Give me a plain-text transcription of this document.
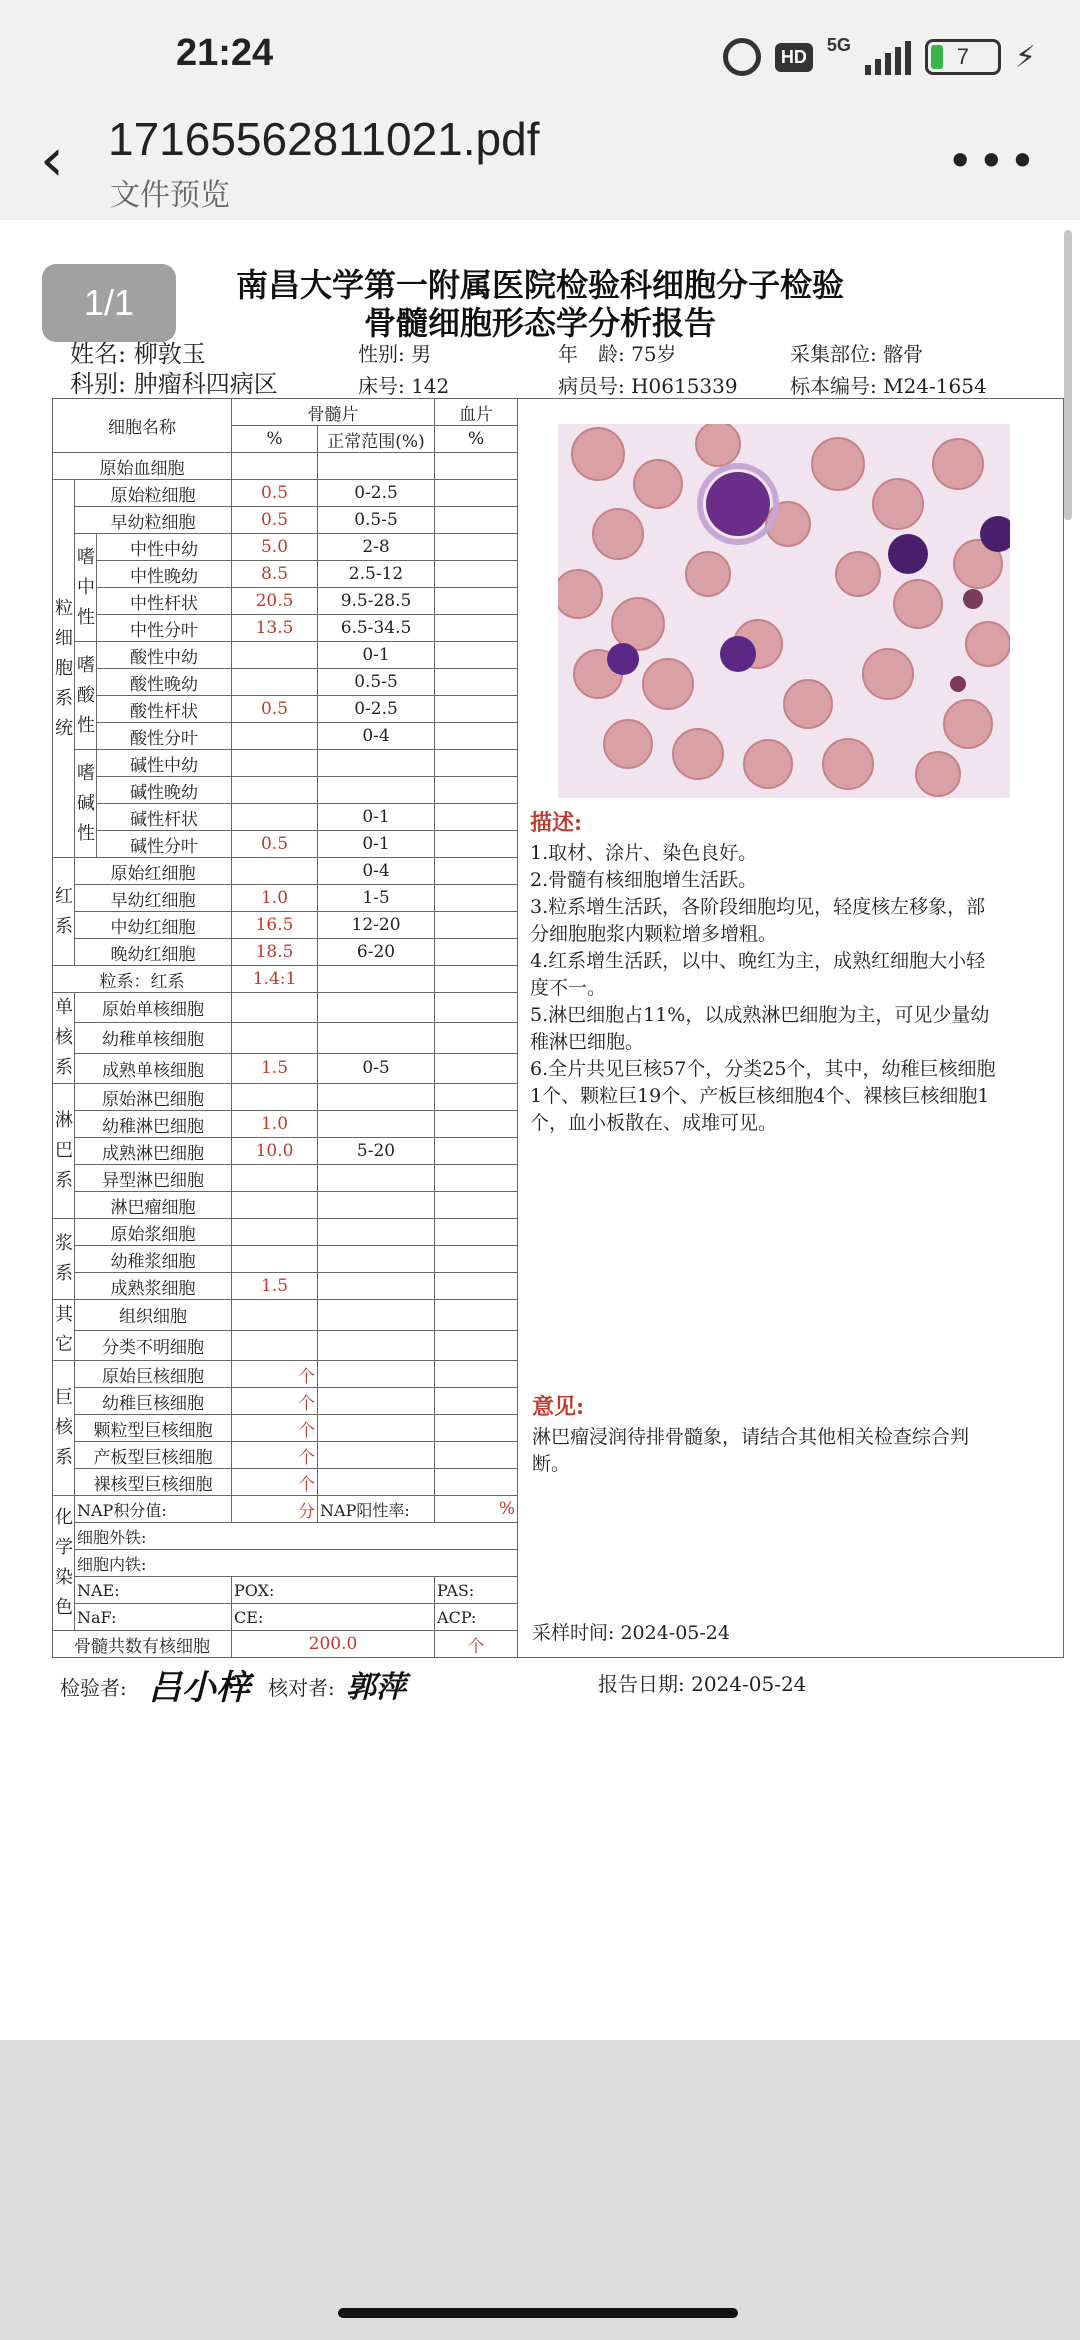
21:24	HD
5G	7 ⚡
‹ 17165562811021.pdf
文件预览
•••
南昌大学第一附属医院检验科细胞分子检验
骨髓细胞形态学分析报告
1/1
姓名: 柳敦玉	性别: 男	年　龄: 75岁	采集部位: 髂骨
科别: 肿瘤科四病区	床号: 142	病员号: H0615339	标本编号: M24-1654
细胞名称			骨髓片		血片
			%	正常范围(%)	%
原始血细胞					
粒细胞系统	原始粒细胞		0.5	0-2.5	
	早幼粒细胞		0.5	0.5-5	
	嗜中性	中性中幼	5.0	2-8	
		中性晚幼	8.5	2.5-12	
		中性杆状	20.5	9.5-28.5	
		中性分叶	13.5	6.5-34.5	
	嗜酸性	酸性中幼		0-1	
		酸性晚幼		0.5-5	
		酸性杆状	0.5	0-2.5	
		酸性分叶		0-4	
	嗜碱性	碱性中幼			
		碱性晚幼			
		碱性杆状		0-1	
		碱性分叶	0.5	0-1	
红系	原始红细胞			0-4	
	早幼红细胞		1.0	1-5	
	中幼红细胞		16.5	12-20	
	晚幼红细胞		18.5	6-20	
粒系：红系			1.4:1		
单核系	原始单核细胞				
	幼稚单核细胞				
	成熟单核细胞		1.5	0-5	
淋巴系	原始淋巴细胞				
	幼稚淋巴细胞		1.0		
	成熟淋巴细胞		10.0	5-20	
	异型淋巴细胞				
	淋巴瘤细胞				
浆系	原始浆细胞				
	幼稚浆细胞				
	成熟浆细胞		1.5		
其它	组织细胞				
	分类不明细胞				
巨核系	原始巨核细胞		个		
	幼稚巨核细胞		个		
	颗粒型巨核细胞		个		
	产板型巨核细胞		个		
	裸核型巨核细胞		个		
化学染色	NAP积分值:		分	NAP阳性率:	%
	细胞外铁:				
	细胞内铁:				
	NAE:		POX:		PAS:
	NaF:		CE:		ACP:
骨髓共数有核细胞			200.0		个
描述:
1.取材、涂片、染色良好。
2.骨髓有核细胞增生活跃。
3.粒系增生活跃，各阶段细胞均见，轻度核左移象，部分细胞胞浆内颗粒增多增粗。
4.红系增生活跃，以中、晚红为主，成熟红细胞大小轻度不一。
5.淋巴细胞占11%，以成熟淋巴细胞为主，可见少量幼稚淋巴细胞。
6.全片共见巨核57个，分类25个，其中，幼稚巨核细胞1个、颗粒巨19个、产板巨核细胞4个、裸核巨核细胞1个，血小板散在、成堆可见。
意见:
淋巴瘤浸润待排骨髓象，请结合其他相关检查综合判断。
采样时间: 2024-05-24
检验者: 吕小梓 核对者: 郭萍	报告日期: 2024-05-24
